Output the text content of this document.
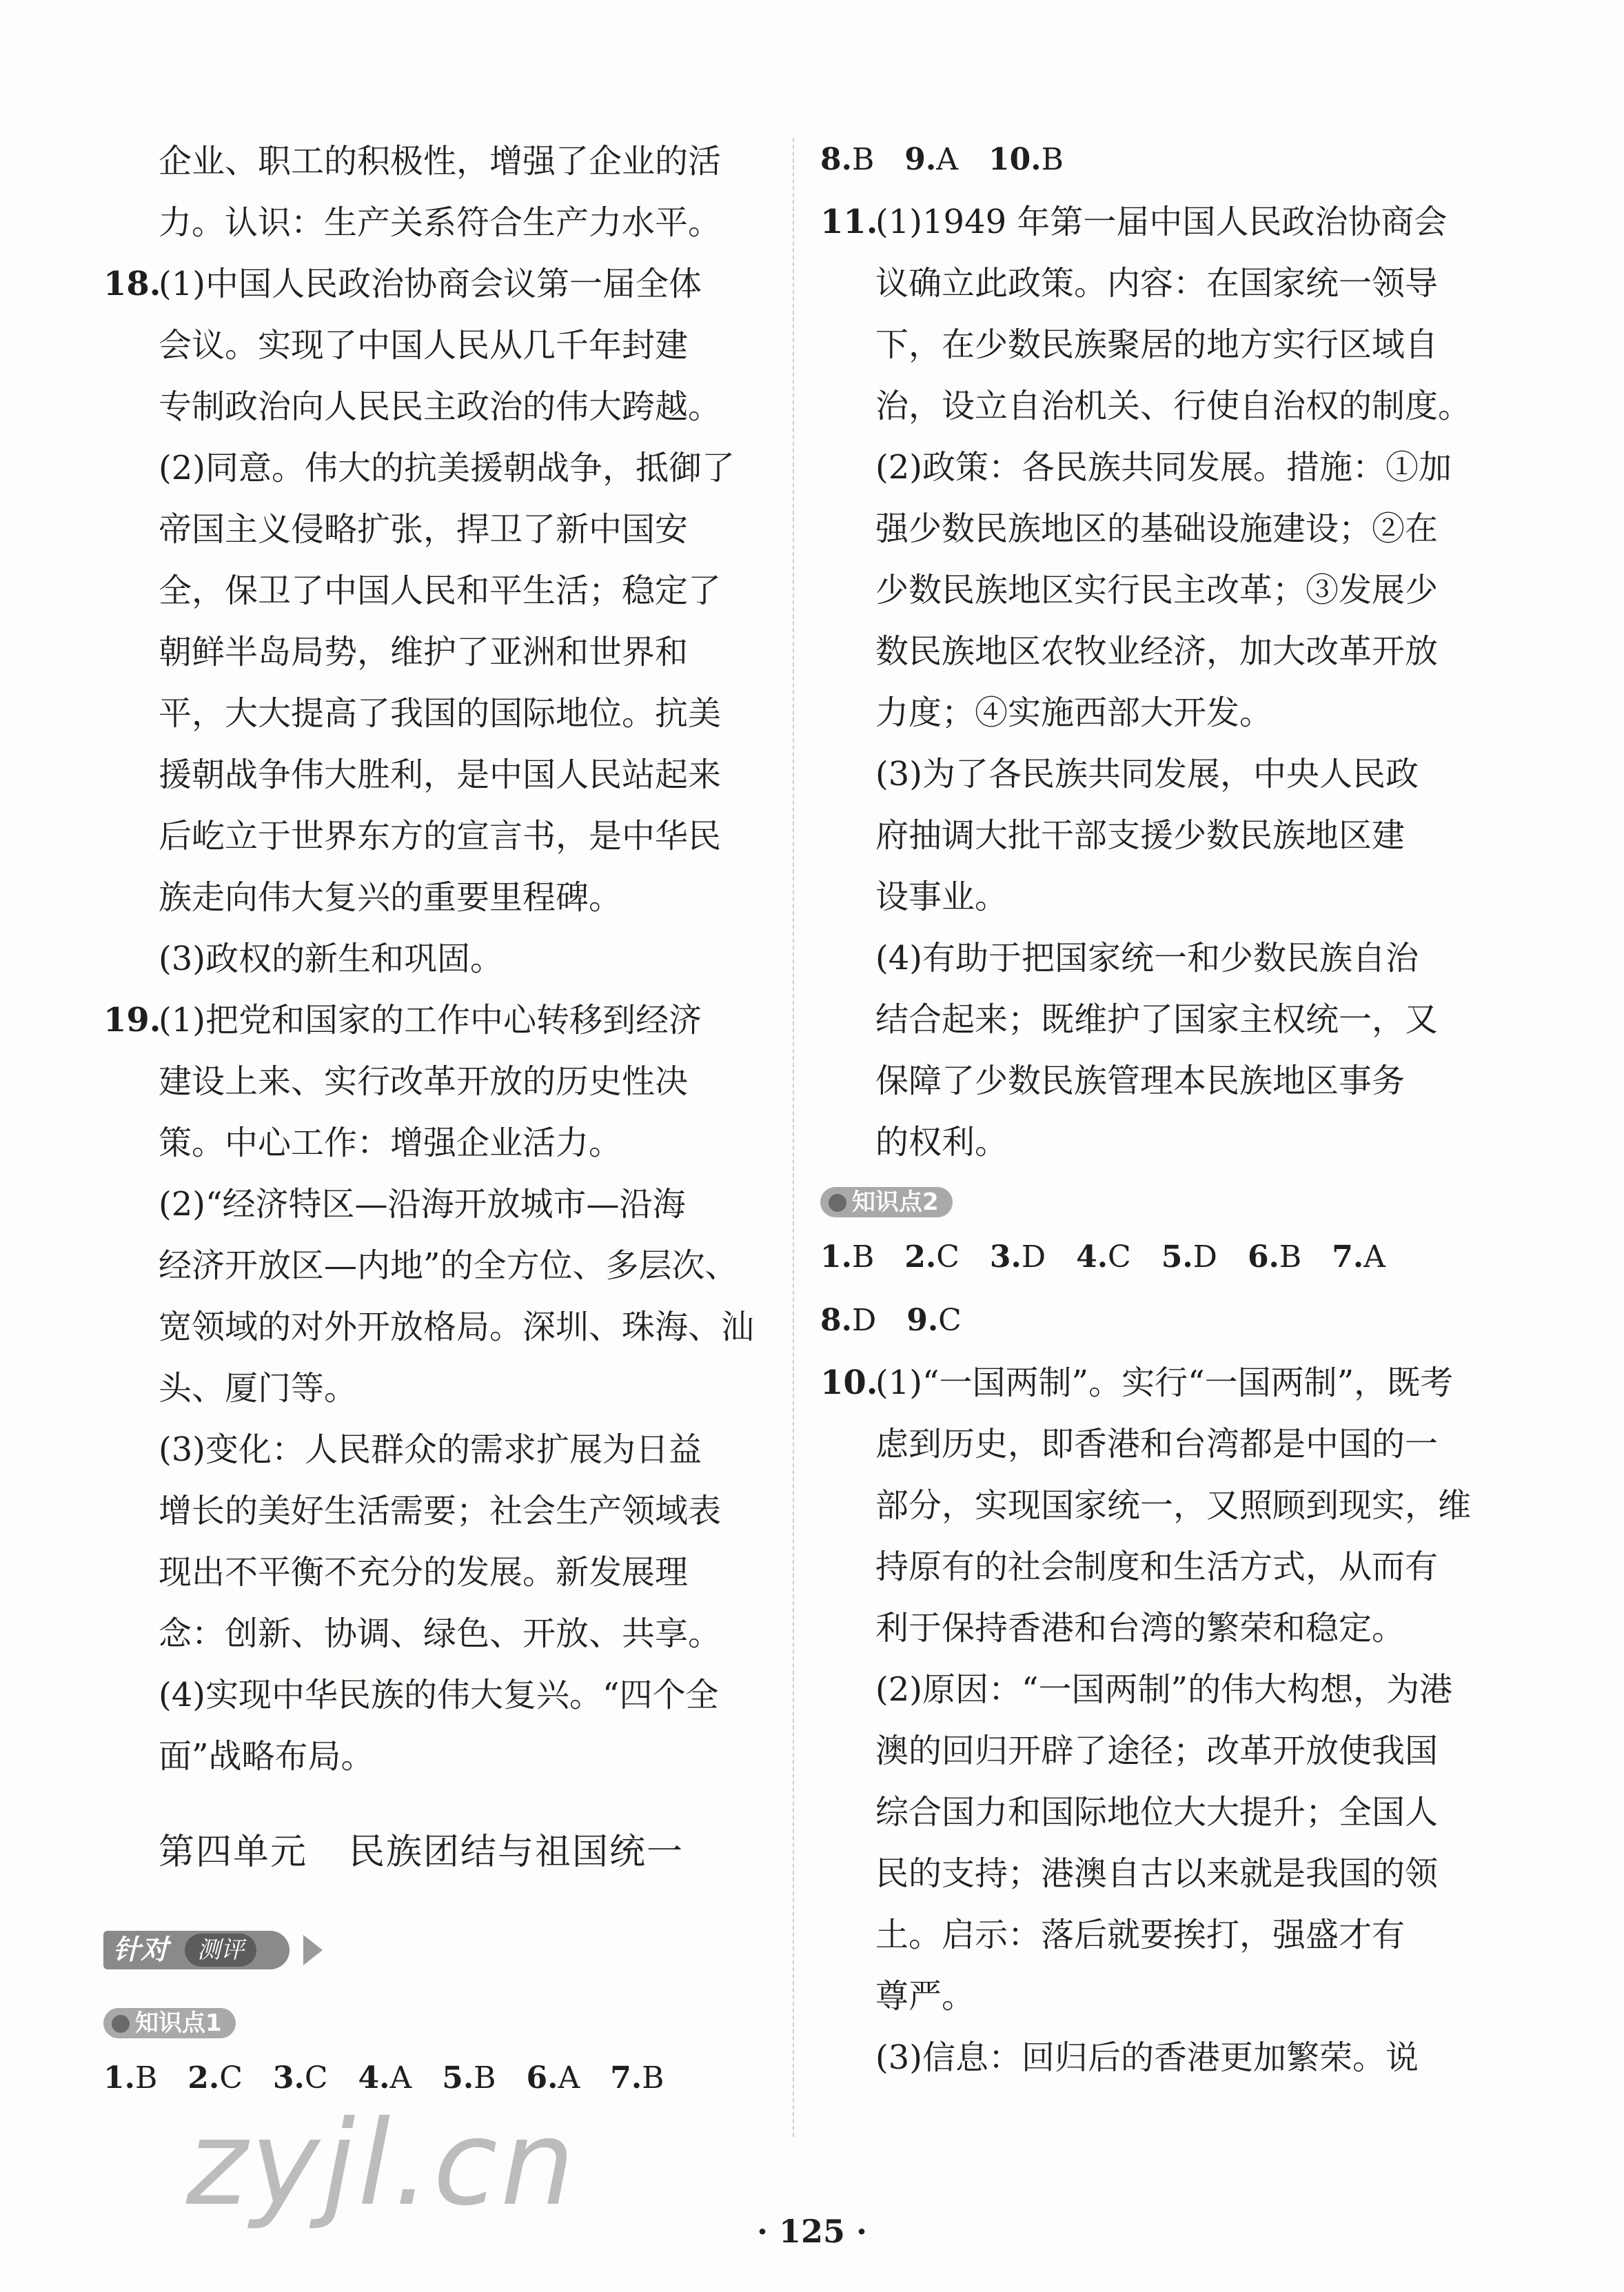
企业、职工的积极性，增强了企业的活
力。认识：生产关系符合生产力水平。
18.(1)中国人民政治协商会议第一届全体
会议。实现了中国人民从几千年封建
专制政治向人民民主政治的伟大跨越。
(2)同意。伟大的抗美援朝战争，抵御了
帝国主义侵略扩张，捍卫了新中国安
全，保卫了中国人民和平生活；稳定了
朝鲜半岛局势，维护了亚洲和世界和
平，大大提高了我国的国际地位。抗美
援朝战争伟大胜利，是中国人民站起来
后屹立于世界东方的宣言书，是中华民
族走向伟大复兴的重要里程碑。
(3)政权的新生和巩固。
19.(1)把党和国家的工作中心转移到经济
建设上来、实行改革开放的历史性决
策。中心工作：增强企业活力。
(2)“经济特区—沿海开放城市—沿海
经济开放区—内地”的全方位、多层次、
宽领域的对外开放格局。深圳、珠海、汕
头、厦门等。
(3)变化：人民群众的需求扩展为日益
增长的美好生活需要；社会生产领域表
现出不平衡不充分的发展。新发展理
念：创新、协调、绿色、开放、共享。
(4)实现中华民族的伟大复兴。“四个全
面”战略布局。
第四单元 民族团结与祖国统一
针对	测评
知识点1
1.B 2.C 3.C 4.A 5.B 6.A 7.B
8.B 9.A 10.B
11.(1)1949 年第一届中国人民政治协商会
议确立此政策。内容：在国家统一领导
下，在少数民族聚居的地方实行区域自
治，设立自治机关、行使自治权的制度。
(2)政策：各民族共同发展。措施：①加
强少数民族地区的基础设施建设；②在
少数民族地区实行民主改革；③发展少
数民族地区农牧业经济，加大改革开放
力度；④实施西部大开发。
(3)为了各民族共同发展，中央人民政
府抽调大批干部支援少数民族地区建
设事业。
(4)有助于把国家统一和少数民族自治
结合起来；既维护了国家主权统一，又
保障了少数民族管理本民族地区事务
的权利。
知识点2
1.B 2.C 3.D 4.C 5.D 6.B 7.A
8.D 9.C
10.(1)“一国两制”。实行“一国两制”，既考
虑到历史，即香港和台湾都是中国的一
部分，实现国家统一，又照顾到现实，维
持原有的社会制度和生活方式，从而有
利于保持香港和台湾的繁荣和稳定。
(2)原因：“一国两制”的伟大构想，为港
澳的回归开辟了途径；改革开放使我国
综合国力和国际地位大大提升；全国人
民的支持；港澳自古以来就是我国的领
土。启示：落后就要挨打，强盛才有
尊严。
(3)信息：回归后的香港更加繁荣。说
· 125 ·
zyjl.cn
